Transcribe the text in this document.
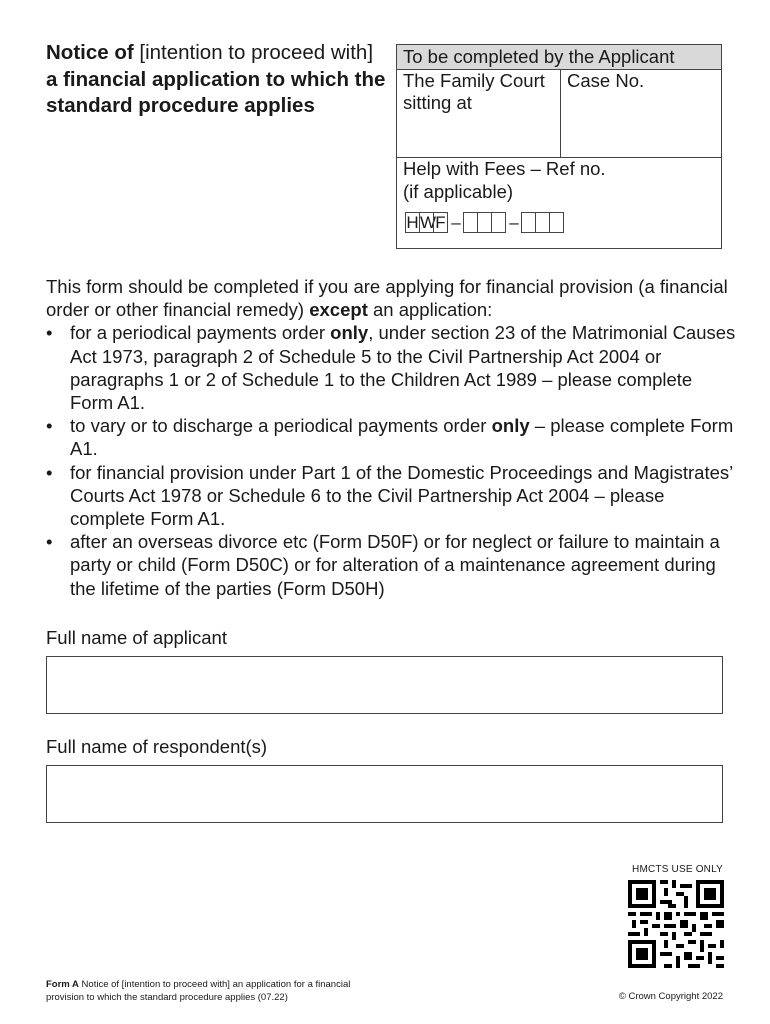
Notice of [intention to proceed with] a financial application to which the standard procedure applies
To be completed by the Applicant
The Family Court sitting at
Case No.
Help with Fees – Ref no.
(if applicable)
H W F –	–

This form should be completed if you are applying for financial provision (a financial order or other financial remedy) except an application:

• for a periodical payments order only, under section 23 of the Matrimonial Causes Act 1973, paragraph 2 of Schedule 5 to the Civil Partnership Act 2004 or paragraphs 1 or 2 of Schedule 1 to the Children Act 1989 – please complete Form A1.
• to vary or to discharge a periodical payments order only – please complete Form A1.
• for financial provision under Part 1 of the Domestic Proceedings and Magistrates’ Courts Act 1978 or Schedule 6 to the Civil Partnership Act 2004 – please complete Form A1.
• after an overseas divorce etc (Form D50F) or for neglect or failure to maintain a party or child (Form D50C) or for alteration of a maintenance agreement during the lifetime of the parties (Form D50H)
Full name of applicant
Full name of respondent(s)
HMCTS USE ONLY
Form A Notice of [intention to proceed with] an application for a financial provision to which the standard procedure applies (07.22)	© Crown Copyright 2022
